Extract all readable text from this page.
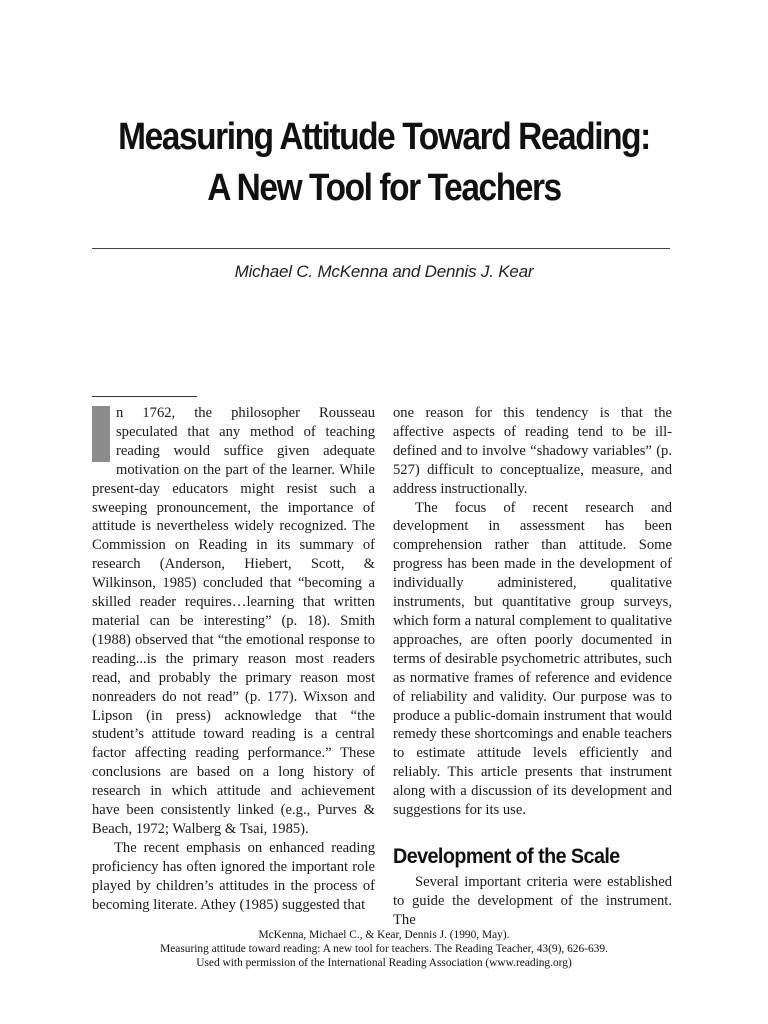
Measuring Attitude Toward Reading:
A New Tool for Teachers
Michael C. McKenna and Dennis J. Kear

n 1762, the philosopher Rousseau speculated that any method of teaching reading would suffice given adequate motivation on the part of the learner. While present-day educators might resist such a sweeping pronouncement, the importance of attitude is nevertheless widely recognized. The Commission on Reading in its summary of research (Anderson, Hiebert, Scott, & Wilkinson, 1985) concluded that “becoming a skilled reader requires…learning that written material can be interesting” (p. 18). Smith (1988) observed that “the emotional response to reading...is the primary reason most readers read, and probably the primary reason most nonreaders do not read” (p. 177). Wixson and Lipson (in press) acknowledge that “the student’s attitude toward reading is a central factor affecting reading performance.” These conclusions are based on a long history of research in which attitude and achievement have been consistently linked (e.g., Purves & Beach, 1972; Walberg & Tsai, 1985).

The recent emphasis on enhanced reading proficiency has often ignored the important role played by children’s attitudes in the process of becoming literate. Athey (1985) suggested that

one reason for this tendency is that the affective aspects of reading tend to be ill-defined and to involve “shadowy variables” (p. 527) difficult to conceptualize, measure, and address instructionally.

The focus of recent research and development in assessment has been comprehension rather than attitude. Some progress has been made in the development of individually administered, qualitative instruments, but quantitative group surveys, which form a natural complement to qualitative approaches, are often poorly documented in terms of desirable psychometric attributes, such as normative frames of reference and evidence of reliability and validity. Our purpose was to produce a public-domain instrument that would remedy these shortcomings and enable teachers to estimate attitude levels efficiently and reliably. This article presents that instrument along with a discussion of its development and suggestions for its use.

Development of the Scale

Several important criteria were established to guide the development of the instrument. The

McKenna, Michael C., & Kear, Dennis J. (1990, May).
Measuring attitude toward reading: A new tool for teachers. The Reading Teacher, 43(9), 626-639.
Used with permission of the International Reading Association (www.reading.org)
